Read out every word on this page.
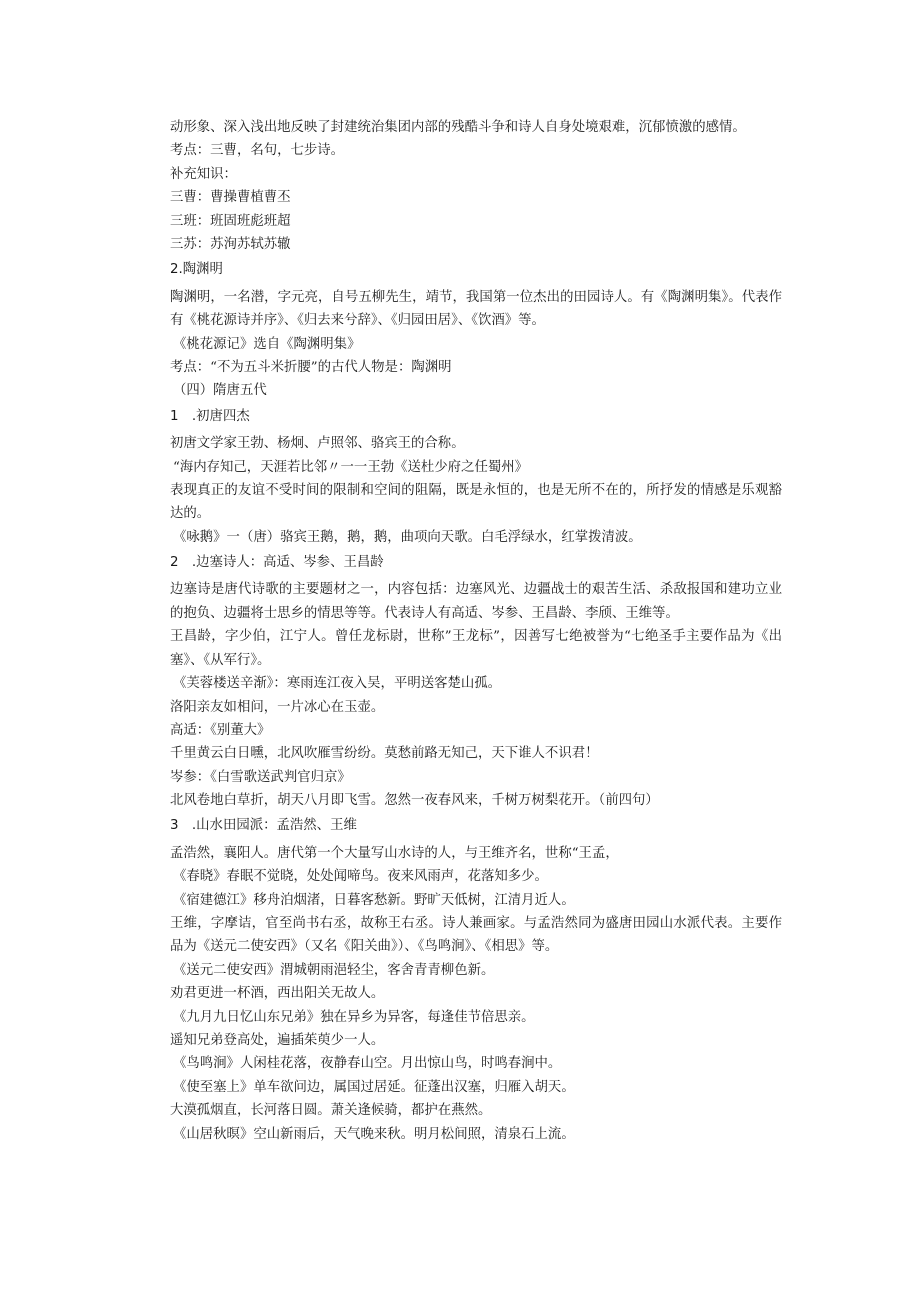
动形象、深入浅出地反映了封建统治集团内部的残酷斗争和诗人自身处境艰难，沉郁愤激的感情。
考点：三曹，名句，七步诗。
补充知识：
三曹：曹操曹植曹丕
三班：班固班彪班超
三苏：苏洵苏轼苏辙
2.陶渊明

陶渊明，一名潜，字元亮，自号五柳先生，靖节，我国第一位杰出的田园诗人。有《陶渊明集》。代表作有《桃花源诗并序》、《归去来兮辞》、《归园田居》、《饮酒》等。

《桃花源记》选自《陶渊明集》
考点：“不为五斗米折腰”的古代人物是：陶渊明
（四）隋唐五代
1　.初唐四杰
初唐文学家王勃、杨炯、卢照邻、骆宾王的合称。
“海内存知己，天涯若比邻〃一一王勃《送杜少府之任蜀州》

表现真正的友谊不受时间的限制和空间的阻隔，既是永恒的，也是无所不在的，所抒发的情感是乐观豁达的。

《咏鹅》一（唐）骆宾王鹅，鹅，鹅，曲项向天歌。白毛浮绿水，红掌拨清波。
2　.边塞诗人：高适、岑参、王昌龄

边塞诗是唐代诗歌的主要题材之一，内容包括：边塞风光、边疆战士的艰苦生活、杀敌报国和建功立业的抱负、边疆将士思乡的情思等等。代表诗人有高适、岑参、王昌龄、李颀、王维等。

王昌龄，字少伯，江宁人。曾任龙标尉，世称”王龙标”，因善写七绝被誉为“七绝圣手主要作品为《出塞》、《从军行》。

《芙蓉楼送辛渐》：寒雨连江夜入吴，平明送客楚山孤。
洛阳亲友如相问，一片冰心在玉壶。
高适：《别董大》
千里黄云白日曛，北风吹雁雪纷纷。莫愁前路无知己，天下谁人不识君！
岑参：《白雪歌送武判官归京》
北风卷地白草折，胡天八月即飞雪。忽然一夜春风来，千树万树梨花开。（前四句）
3　.山水田园派：孟浩然、王维
孟浩然，襄阳人。唐代第一个大量写山水诗的人，与王维齐名，世称“王孟，
《春晓》春眠不觉晓，处处闻啼鸟。夜来风雨声，花落知多少。
《宿建德江》移舟泊烟渚，日暮客愁新。野旷天低树，江清月近人。

王维，字摩诘，官至尚书右丞，故称王右丞。诗人兼画家。与孟浩然同为盛唐田园山水派代表。主要作品为《送元二使安西》（又名《阳关曲》）、《鸟鸣涧》、《相思》等。

《送元二使安西》渭城朝雨浥轻尘，客舍青青柳色新。
劝君更进一杯酒，西出阳关无故人。
《九月九日忆山东兄弟》独在异乡为异客，每逢佳节倍思亲。
遥知兄弟登高处，遍插茱萸少一人。
《鸟鸣涧》人闲桂花落，夜静春山空。月出惊山鸟，时鸣春涧中。
《使至塞上》单车欲问边，属国过居延。征蓬出汉塞，归雁入胡天。
大漠孤烟直，长河落日圆。萧关逢候骑，都护在燕然。
《山居秋暝》空山新雨后，天气晚来秋。明月松间照，清泉石上流。
